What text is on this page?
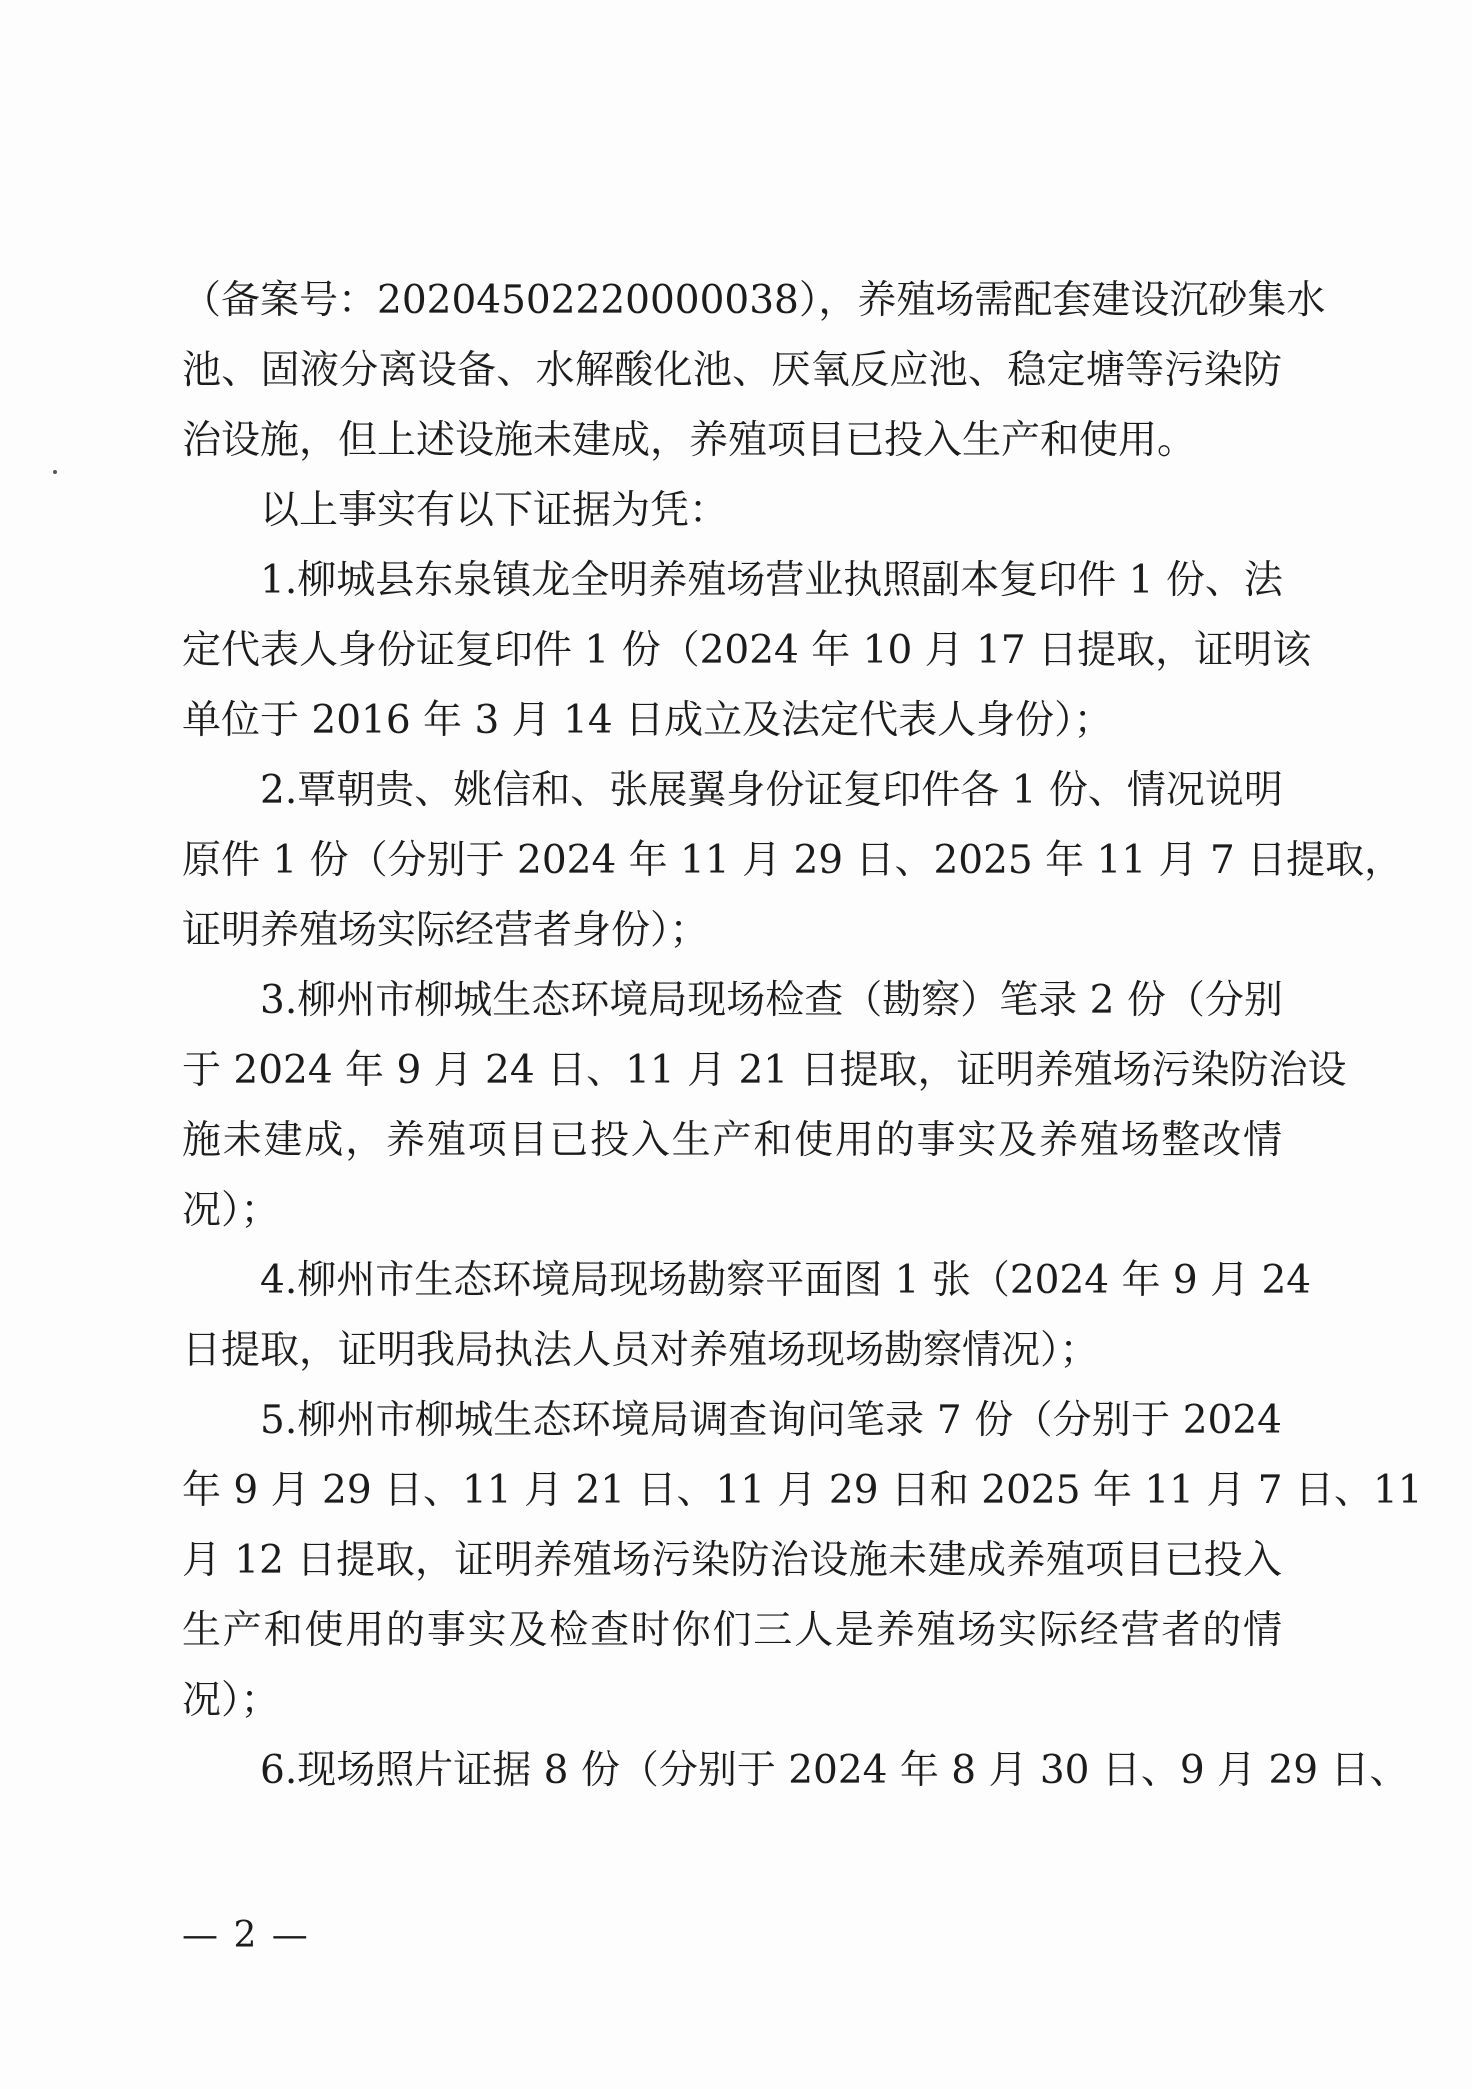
（备案号：20204502220000038），养殖场需配套建设沉砂集水
池、固液分离设备、水解酸化池、厌氧反应池、稳定塘等污染防
治设施，但上述设施未建成，养殖项目已投入生产和使用。
以上事实有以下证据为凭：
1.柳城县东泉镇龙全明养殖场营业执照副本复印件 1 份、法
定代表人身份证复印件 1 份（2024 年 10 月 17 日提取，证明该
单位于 2016 年 3 月 14 日成立及法定代表人身份）；
2.覃朝贵、姚信和、张展翼身份证复印件各 1 份、情况说明
原件 1 份（分别于 2024 年 11 月 29 日、2025 年 11 月 7 日提取，
证明养殖场实际经营者身份）；
3.柳州市柳城生态环境局现场检查（勘察）笔录 2 份（分别
于 2024 年 9 月 24 日、11 月 21 日提取，证明养殖场污染防治设
施未建成，养殖项目已投入生产和使用的事实及养殖场整改情
况）；
4.柳州市生态环境局现场勘察平面图 1 张（2024 年 9 月 24
日提取，证明我局执法人员对养殖场现场勘察情况）；
5.柳州市柳城生态环境局调查询问笔录 7 份（分别于 2024
年 9 月 29 日、11 月 21 日、11 月 29 日和 2025 年 11 月 7 日、11
月 12 日提取，证明养殖场污染防治设施未建成养殖项目已投入
生产和使用的事实及检查时你们三人是养殖场实际经营者的情
况）；
6.现场照片证据 8 份（分别于 2024 年 8 月 30 日、9 月 29 日、
— 2 —
